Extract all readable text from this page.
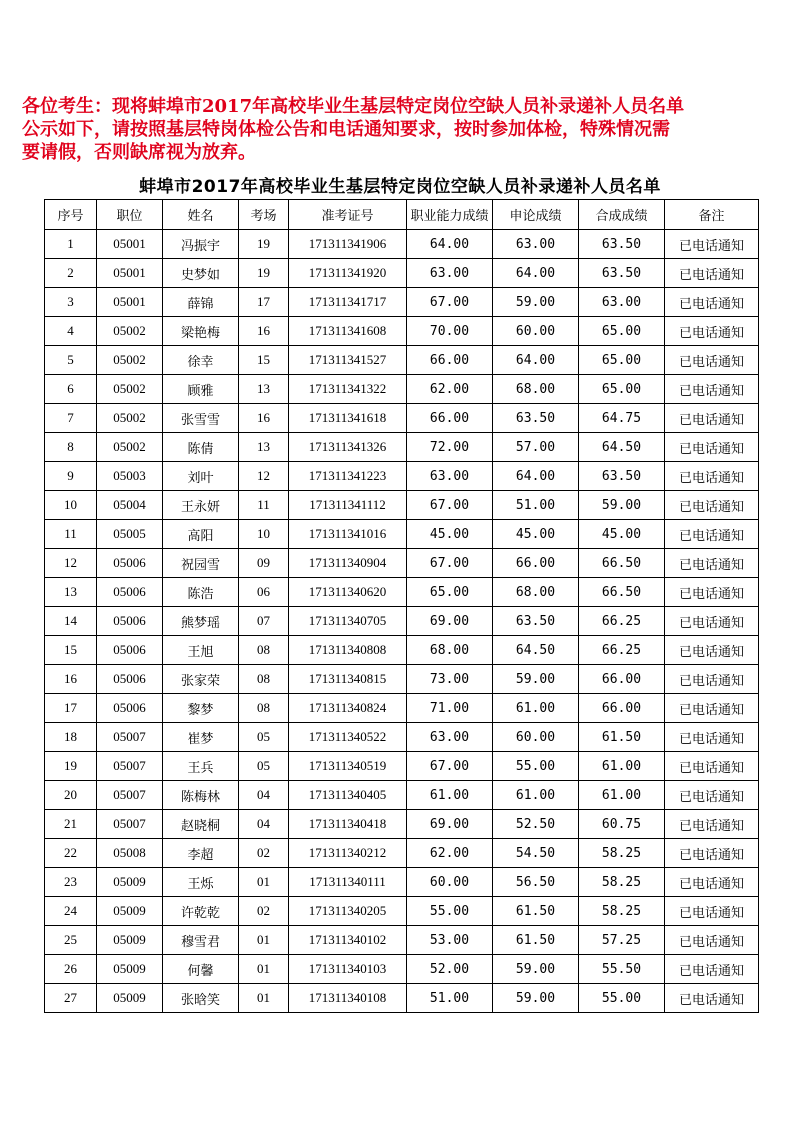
各位考生：现将蚌埠市2017年高校毕业生基层特定岗位空缺人员补录递补人员名单

公示如下，请按照基层特岗体检公告和电话通知要求，按时参加体检，特殊情况需

要请假，否则缺席视为放弃。

蚌埠市2017年高校毕业生基层特定岗位空缺人员补录递补人员名单
序号	职位	姓名	考场	准考证号	职业能力成绩	申论成绩	合成成绩	备注
1	05001	冯振宇	19	171311341906	64.00	63.00	63.50	已电话通知
2	05001	史梦如	19	171311341920	63.00	64.00	63.50	已电话通知
3	05001	薛锦	17	171311341717	67.00	59.00	63.00	已电话通知
4	05002	梁艳梅	16	171311341608	70.00	60.00	65.00	已电话通知
5	05002	徐幸	15	171311341527	66.00	64.00	65.00	已电话通知
6	05002	顾雅	13	171311341322	62.00	68.00	65.00	已电话通知
7	05002	张雪雪	16	171311341618	66.00	63.50	64.75	已电话通知
8	05002	陈倩	13	171311341326	72.00	57.00	64.50	已电话通知
9	05003	刘叶	12	171311341223	63.00	64.00	63.50	已电话通知
10	05004	王永妍	11	171311341112	67.00	51.00	59.00	已电话通知
11	05005	高阳	10	171311341016	45.00	45.00	45.00	已电话通知
12	05006	祝园雪	09	171311340904	67.00	66.00	66.50	已电话通知
13	05006	陈浩	06	171311340620	65.00	68.00	66.50	已电话通知
14	05006	熊梦瑶	07	171311340705	69.00	63.50	66.25	已电话通知
15	05006	王旭	08	171311340808	68.00	64.50	66.25	已电话通知
16	05006	张家荣	08	171311340815	73.00	59.00	66.00	已电话通知
17	05006	黎梦	08	171311340824	71.00	61.00	66.00	已电话通知
18	05007	崔梦	05	171311340522	63.00	60.00	61.50	已电话通知
19	05007	王兵	05	171311340519	67.00	55.00	61.00	已电话通知
20	05007	陈梅林	04	171311340405	61.00	61.00	61.00	已电话通知
21	05007	赵晓桐	04	171311340418	69.00	52.50	60.75	已电话通知
22	05008	李超	02	171311340212	62.00	54.50	58.25	已电话通知
23	05009	王烁	01	171311340111	60.00	56.50	58.25	已电话通知
24	05009	许乾乾	02	171311340205	55.00	61.50	58.25	已电话通知
25	05009	穆雪君	01	171311340102	53.00	61.50	57.25	已电话通知
26	05009	何馨	01	171311340103	52.00	59.00	55.50	已电话通知
27	05009	张晗笑	01	171311340108	51.00	59.00	55.00	已电话通知
